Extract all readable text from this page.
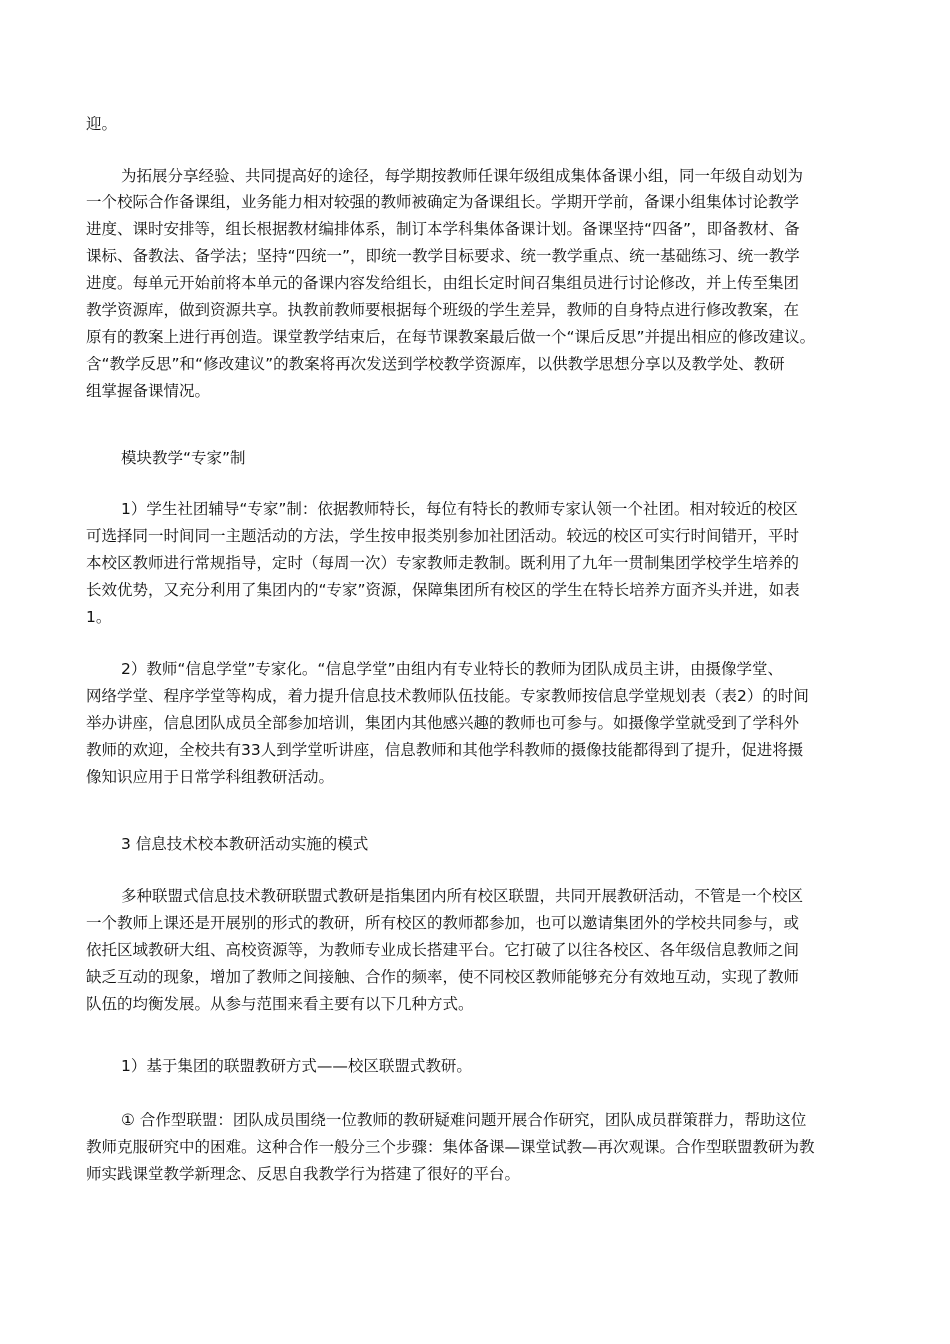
迎。
为拓展分享经验、共同提高好的途径，每学期按教师任课年级组成集体备课小组，同一年级自动划为
一个校际合作备课组，业务能力相对较强的教师被确定为备课组长。学期开学前，备课小组集体讨论教学
进度、课时安排等，组长根据教材编排体系，制订本学科集体备课计划。备课坚持“四备”，即备教材、备
课标、备教法、备学法；坚持“四统一”，即统一教学目标要求、统一教学重点、统一基础练习、统一教学
进度。每单元开始前将本单元的备课内容发给组长，由组长定时间召集组员进行讨论修改，并上传至集团
教学资源库，做到资源共享。执教前教师要根据每个班级的学生差异，教师的自身特点进行修改教案，在
原有的教案上进行再创造。课堂教学结束后，在每节课教案最后做一个“课后反思”并提出相应的修改建议。
含“教学反思”和“修改建议”的教案将再次发送到学校教学资源库，以供教学思想分享以及教学处、教研
组掌握备课情况。
模块教学“专家”制
1）学生社团辅导“专家”制：依据教师特长，每位有特长的教师专家认领一个社团。相对较近的校区
可选择同一时间同一主题活动的方法，学生按申报类别参加社团活动。较远的校区可实行时间错开，平时
本校区教师进行常规指导，定时（每周一次）专家教师走教制。既利用了九年一贯制集团学校学生培养的
长效优势，又充分利用了集团内的“专家”资源，保障集团所有校区的学生在特长培养方面齐头并进，如表
1。
2）教师“信息学堂”专家化。“信息学堂”由组内有专业特长的教师为团队成员主讲，由摄像学堂、
网络学堂、程序学堂等构成，着力提升信息技术教师队伍技能。专家教师按信息学堂规划表（表2）的时间
举办讲座，信息团队成员全部参加培训，集团内其他感兴趣的教师也可参与。如摄像学堂就受到了学科外
教师的欢迎，全校共有33人到学堂听讲座，信息教师和其他学科教师的摄像技能都得到了提升，促进将摄
像知识应用于日常学科组教研活动。
3 信息技术校本教研活动实施的模式
多种联盟式信息技术教研联盟式教研是指集团内所有校区联盟，共同开展教研活动，不管是一个校区
一个教师上课还是开展别的形式的教研，所有校区的教师都参加，也可以邀请集团外的学校共同参与，或
依托区域教研大组、高校资源等，为教师专业成长搭建平台。它打破了以往各校区、各年级信息教师之间
缺乏互动的现象，增加了教师之间接触、合作的频率，使不同校区教师能够充分有效地互动，实现了教师
队伍的均衡发展。从参与范围来看主要有以下几种方式。
1）基于集团的联盟教研方式——校区联盟式教研。
① 合作型联盟：团队成员围绕一位教师的教研疑难问题开展合作研究，团队成员群策群力，帮助这位
教师克服研究中的困难。这种合作一般分三个步骤：集体备课—课堂试教—再次观课。合作型联盟教研为教
师实践课堂教学新理念、反思自我教学行为搭建了很好的平台。
